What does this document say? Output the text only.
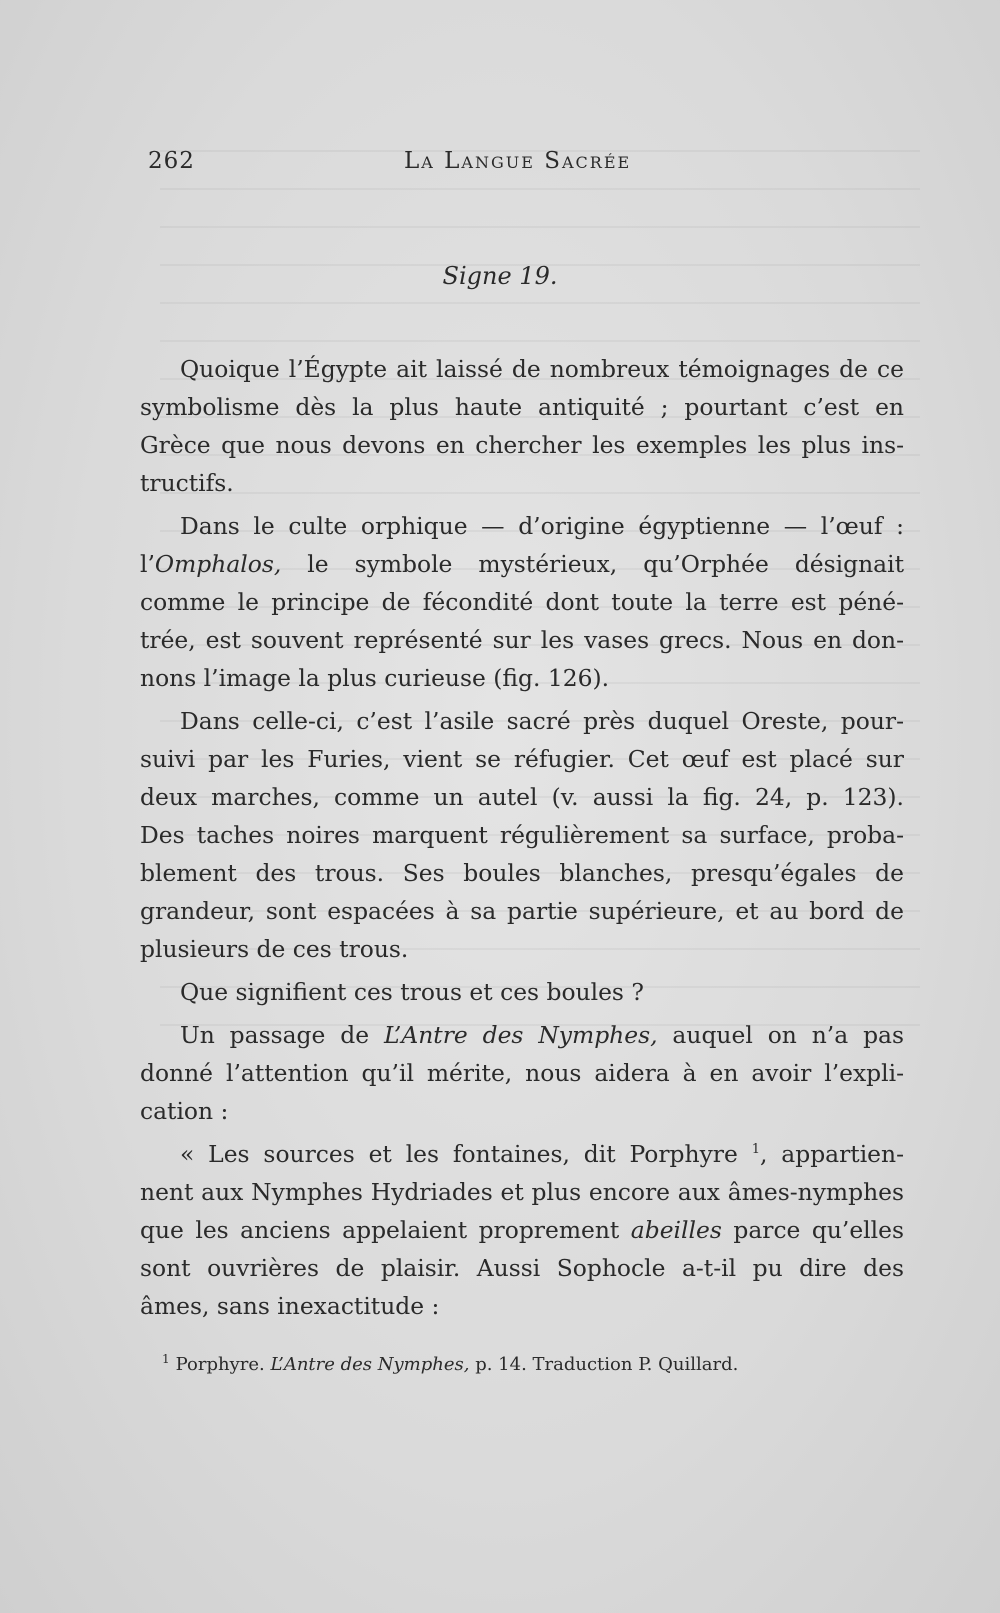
262	La Langue Sacrée
Signe 19.

Quoique l’Égypte ait laissé de nombreux témoignages de ce
symbolisme dès la plus haute antiquité ; pourtant c’est en
Grèce que nous devons en chercher les exemples les plus ins-
tructifs.

Dans le culte orphique — d’origine égyptienne — l’œuf :
l’Omphalos, le symbole mystérieux, qu’Orphée désignait
comme le principe de fécondité dont toute la terre est péné-
trée, est souvent représenté sur les vases grecs. Nous en don-
nons l’image la plus curieuse (fig. 126).

Dans celle-ci, c’est l’asile sacré près duquel Oreste, pour-
suivi par les Furies, vient se réfugier. Cet œuf est placé sur
deux marches, comme un autel (v. aussi la fig. 24, p. 123).
Des taches noires marquent régulièrement sa surface, proba-
blement des trous. Ses boules blanches, presqu’égales de
grandeur, sont espacées à sa partie supérieure, et au bord de
plusieurs de ces trous.

Que signifient ces trous et ces boules ?

Un passage de L’Antre des Nymphes, auquel on n’a pas
donné l’attention qu’il mérite, nous aidera à en avoir l’expli-
cation :

« Les sources et les fontaines, dit Porphyre $^1$, appartien-
nent aux Nymphes Hydriades et plus encore aux âmes-nymphes
que les anciens appelaient proprement abeilles parce qu’elles
sont ouvrières de plaisir. Aussi Sophocle a-t-il pu dire des
âmes, sans inexactitude :

$^1$ Porphyre. L’Antre des Nymphes, p. 14. Traduction P. Quillard.
